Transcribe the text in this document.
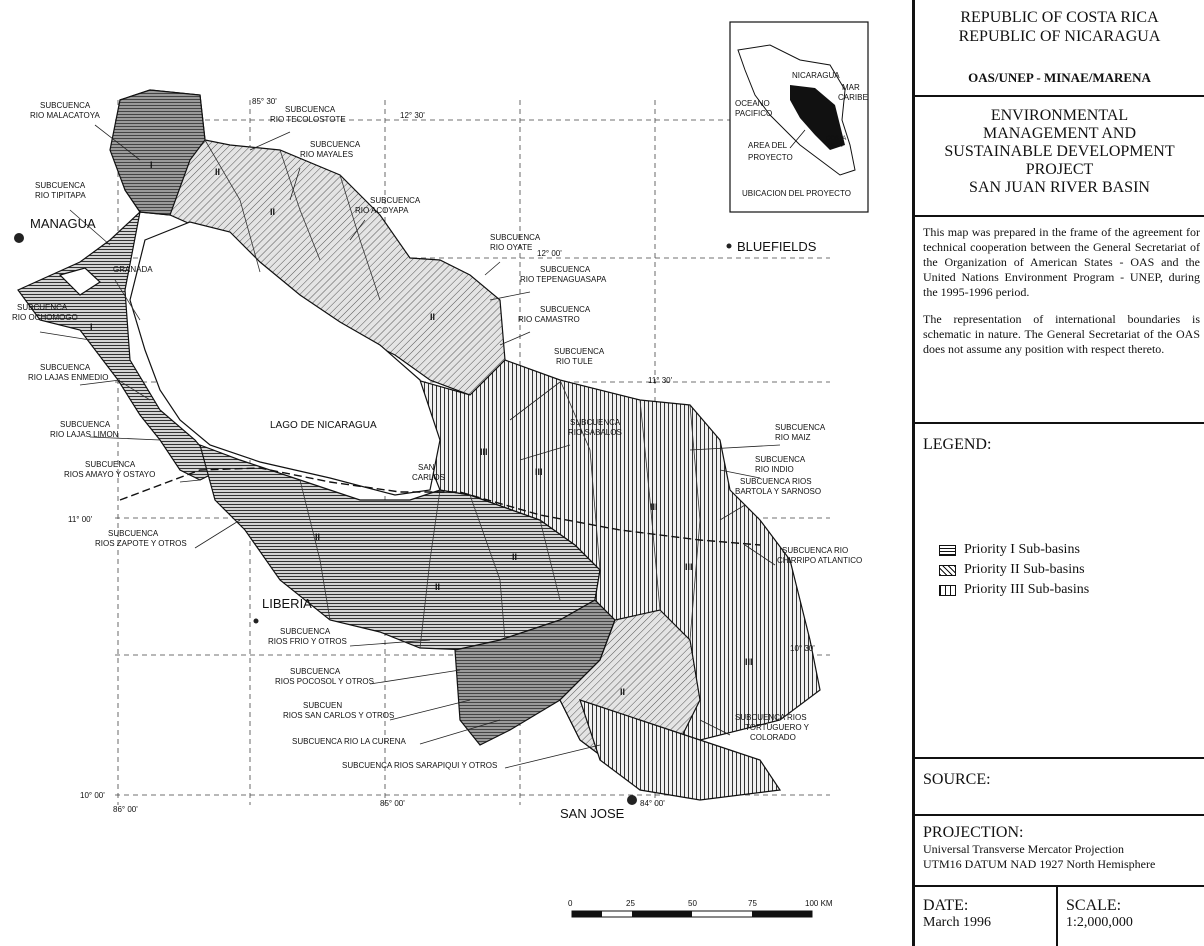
I
I
II
II
II
III
III
III
II
II
II
II
III
III
MANAGUA
BLUEFIELDS
LIBERIA
SAN JOSE
GRANADA
SAN
CARLOS
LAGO DE NICARAGUA
85° 30'
12° 30'
12° 00'
11° 30'
11° 00'
10° 30'
10° 00'
86° 00'
85° 00'	84° 00'
SUBCUENCA RIO MALACATOYA
SUBCUENCA RIO TECOLOSTOTE
SUBCUENCA RIO MAYALES
SUBCUENCA RIO ACOYAPA
SUBCUENCA RIO TIPITAPA
SUBCUENCA RIO OYATE
SUBCUENCA RIO TEPENAGUASAPA
SUBCUENCA RIO CAMASTRO
SUBCUENCA RIO OCHOMOGO
SUBCUENCA RIO TULE
SUBCUENCA RIO LAJAS ENMEDIO
SUBCUENCA RIO SABALOS
SUBCUENCA RIO MAIZ
SUBCUENCA RIO INDIO
SUBCUENCA RIO LAJAS LIMON
SUBCUENCA RIOS AMAYO Y OSTAYO
SUBCUENCA RIOS BARTOLA Y SARNOSO
SUBCUENCA RIOS ZAPOTE Y OTROS
SUBCUENCA RIO CHIRRIPO ATLANTICO
SUBCUENCA RIOS FRIO Y OTROS
SUBCUENCA RIOS POCOSOL Y OTROS
SUBCUEN RIOS SAN CARLOS Y OTROS	SUBCUENCA RIOS TORTUGUERO Y COLORADO
SUBCUENCA RIO LA CURENA
SUBCUENCA RIOS SARAPIQUI Y OTROS
NICARAGUA
OCEANO PACIFICO
MAR CARIBE
COSTA RICA
AREA DEL PROYECTO
UBICACION DEL PROYECTO
0	25	50	75	100 KM
REPUBLIC OF COSTA RICA
REPUBLIC OF NICARAGUA
OAS/UNEP - MINAE/MARENA
ENVIRONMENTAL
MANAGEMENT AND
SUSTAINABLE DEVELOPMENT
PROJECT
SAN JUAN RIVER BASIN
This map was prepared in the frame of the agreement for technical cooperation between the General Secretariat of the Organization of American States - OAS and the United Nations Environment Program - UNEP, during the 1995-1996 period.
The representation of international boundaries is schematic in nature. The General Secretariat of the OAS does not assume any position with respect thereto.
LEGEND:
Priority I Sub-basins
Priority II Sub-basins
Priority III Sub-basins
SOURCE:
PROJECTION:
Universal Transverse Mercator Projection
UTM16 DATUM NAD 1927 North Hemisphere
DATE:
March 1996
SCALE:
1:2,000,000
